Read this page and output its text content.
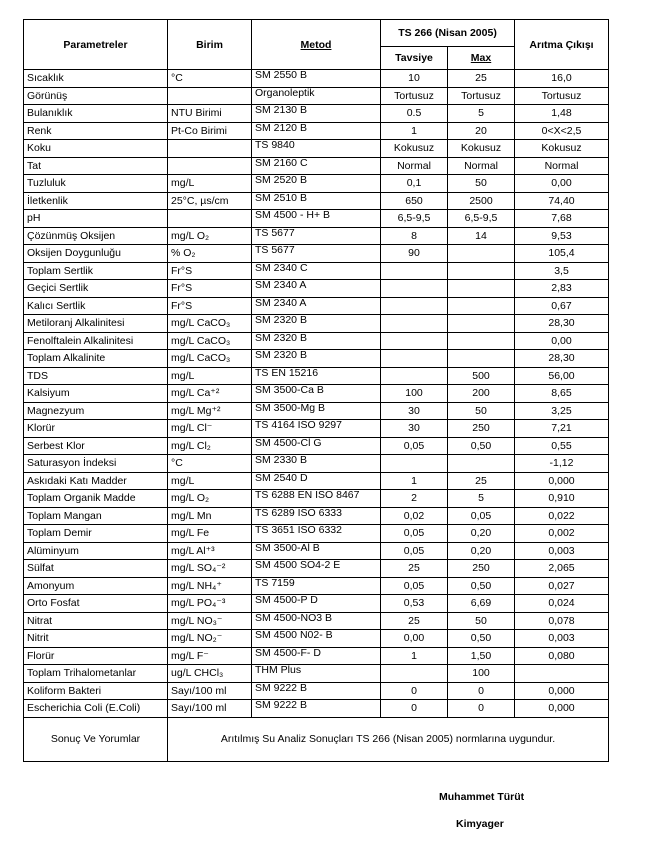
Parametreler	Birim	Metod	TS 266 (Nisan 2005)		Arıtma Çıkışı
			Tavsiye	Max	
Sıcaklık	°C	SM 2550 B	10	25	16,0
Görünüş		Organoleptik	Tortusuz	Tortusuz	Tortusuz
Bulanıklık	NTU Birimi	SM 2130 B	0.5	5	1,48
Renk	Pt-Co Birimi	SM 2120 B	1	20	0<X<2,5
Koku		TS 9840	Kokusuz	Kokusuz	Kokusuz
Tat		SM 2160 C	Normal	Normal	Normal
Tuzluluk	mg/L	SM 2520 B	0,1	50	0,00
İletkenlik	25°C, µs/cm	SM 2510 B	650	2500	74,40
pH		SM 4500 - H+ B	6,5-9,5	6,5-9,5	7,68
Çözünmüş Oksijen	mg/L O₂	TS 5677	8	14	9,53
Oksijen Doygunluğu	% O₂	TS 5677	90		105,4
Toplam Sertlik	Fr°S	SM 2340 C			3,5
Geçici Sertlik	Fr°S	SM 2340 A			2,83
Kalıcı Sertlik	Fr°S	SM 2340 A			0,67
Metiloranj Alkalinitesi	mg/L CaCO₃	SM 2320 B			28,30
Fenolftalein Alkalinitesi	mg/L CaCO₃	SM 2320 B			0,00
Toplam Alkalinite	mg/L CaCO₃	SM 2320 B			28,30
TDS	mg/L	TS EN 15216		500	56,00
Kalsiyum	mg/L Ca⁺²	SM 3500-Ca B	100	200	8,65
Magnezyum	mg/L Mg⁺²	SM 3500-Mg B	30	50	3,25
Klorür	mg/L Cl⁻	TS 4164 ISO 9297	30	250	7,21
Serbest Klor	mg/L Cl₂	SM 4500-Cl G	0,05	0,50	0,55
Saturasyon İndeksi	°C	SM 2330 B			-1,12
Askıdaki Katı Madder	mg/L	SM 2540 D	1	25	0,000
Toplam Organik Madde	mg/L O₂	TS 6288 EN ISO 8467	2	5	0,910
Toplam Mangan	mg/L Mn	TS 6289 ISO 6333	0,02	0,05	0,022
Toplam Demir	mg/L Fe	TS 3651 ISO 6332	0,05	0,20	0,002
Alüminyum	mg/L Al⁺³	SM 3500-Al B	0,05	0,20	0,003
Sülfat	mg/L SO₄⁻²	SM 4500 SO4-2 E	25	250	2,065
Amonyum	mg/L NH₄⁺	TS 7159	0,05	0,50	0,027
Orto Fosfat	mg/L PO₄⁻³	SM 4500-P D	0,53	6,69	0,024
Nitrat	mg/L NO₃⁻	SM 4500-NO3 B	25	50	0,078
Nitrit	mg/L NO₂⁻	SM 4500 N02- B	0,00	0,50	0,003
Florür	mg/L F⁻	SM 4500-F- D	1	1,50	0,080
Toplam Trihalometanlar	ug/L CHCl₃	THM Plus		100	
Koliform Bakteri	Sayı/100 ml	SM 9222 B	0	0	0,000
Escherichia Coli (E.Coli)	Sayı/100 ml	SM 9222 B	0	0	0,000
Sonuç Ve Yorumlar	Arıtılmış Su Analiz Sonuçları TS 266 (Nisan 2005) normlarına uygundur.				
Muhammet Türüt
Kimyager
